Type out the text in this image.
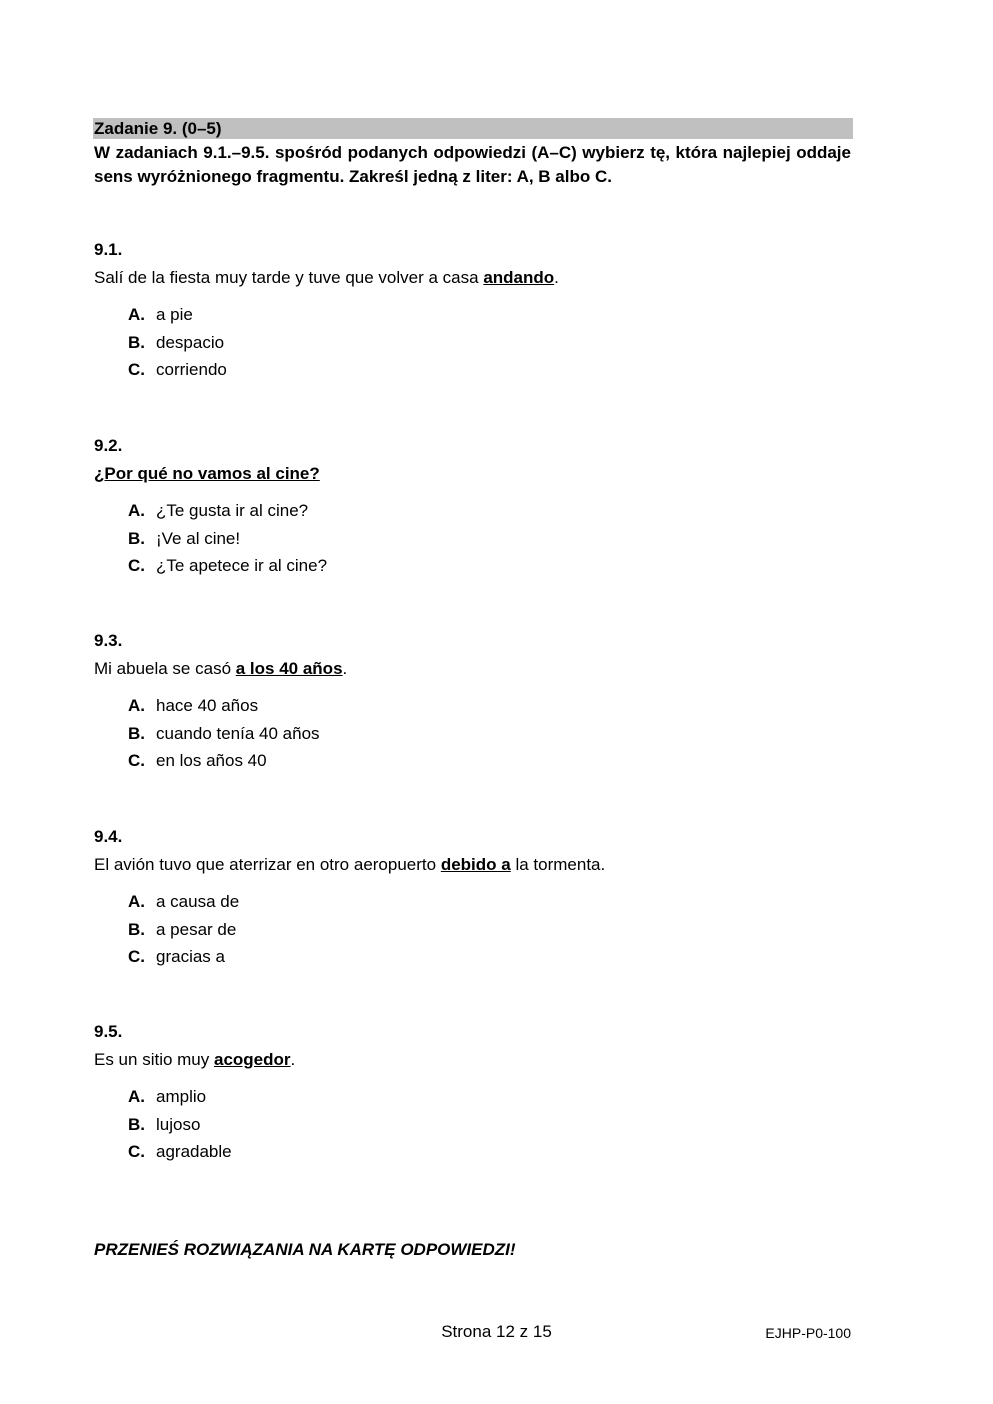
Zadanie 9. (0–5)
W zadaniach 9.1.–9.5. spośród podanych odpowiedzi (A–C) wybierz tę, która najlepiej oddaje sens wyróżnionego fragmentu. Zakreśl jedną z liter: A, B albo C.
9.1.
Salí de la fiesta muy tarde y tuve que volver a casa andando.
A. a pie
B. despacio
C. corriendo
9.2.
¿Por qué no vamos al cine?
A. ¿Te gusta ir al cine?
B. ¡Ve al cine!
C. ¿Te apetece ir al cine?
9.3.
Mi abuela se casó a los 40 años.
A. hace 40 años
B. cuando tenía 40 años
C. en los años 40
9.4.
El avión tuvo que aterrizar en otro aeropuerto debido a la tormenta.
A. a causa de
B. a pesar de
C. gracias a
9.5.
Es un sitio muy acogedor.
A. amplio
B. lujoso
C. agradable
PRZENIEŚ ROZWIĄZANIA NA KARTĘ ODPOWIEDZI!
Strona 12 z 15	EJHP-P0-100
